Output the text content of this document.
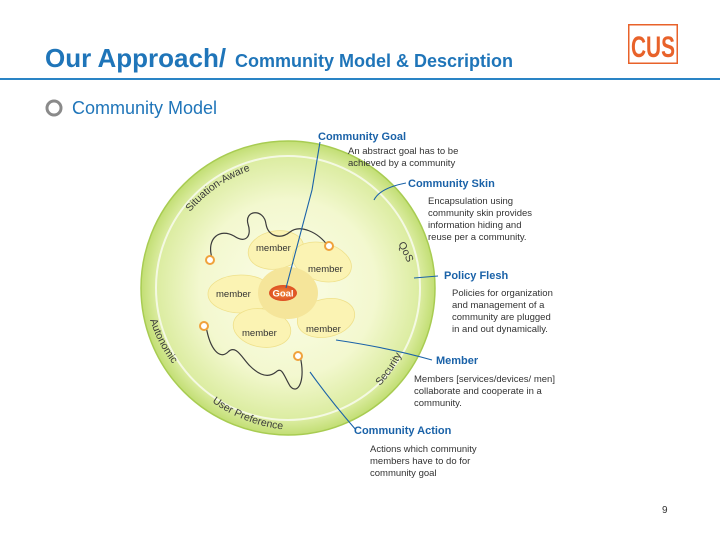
Situation-Aware
QoS
Autonomic
Security
User Preference
member
member
member
member
member
Goal
Community Goal
Community Skin
Policy Flesh
Member
Community Action
An abstract goal has to be achieved by a community
Encapsulation using community skin provides information hiding and reuse per a community.
Policies for organization and management of a community are plugged in and out dynamically.
Members [services/devices/ men] collaborate and cooperate in a community.
Actions which community members have to do for community goal
Our Approach/ Community Model & Description	CUS
Community Model
9
